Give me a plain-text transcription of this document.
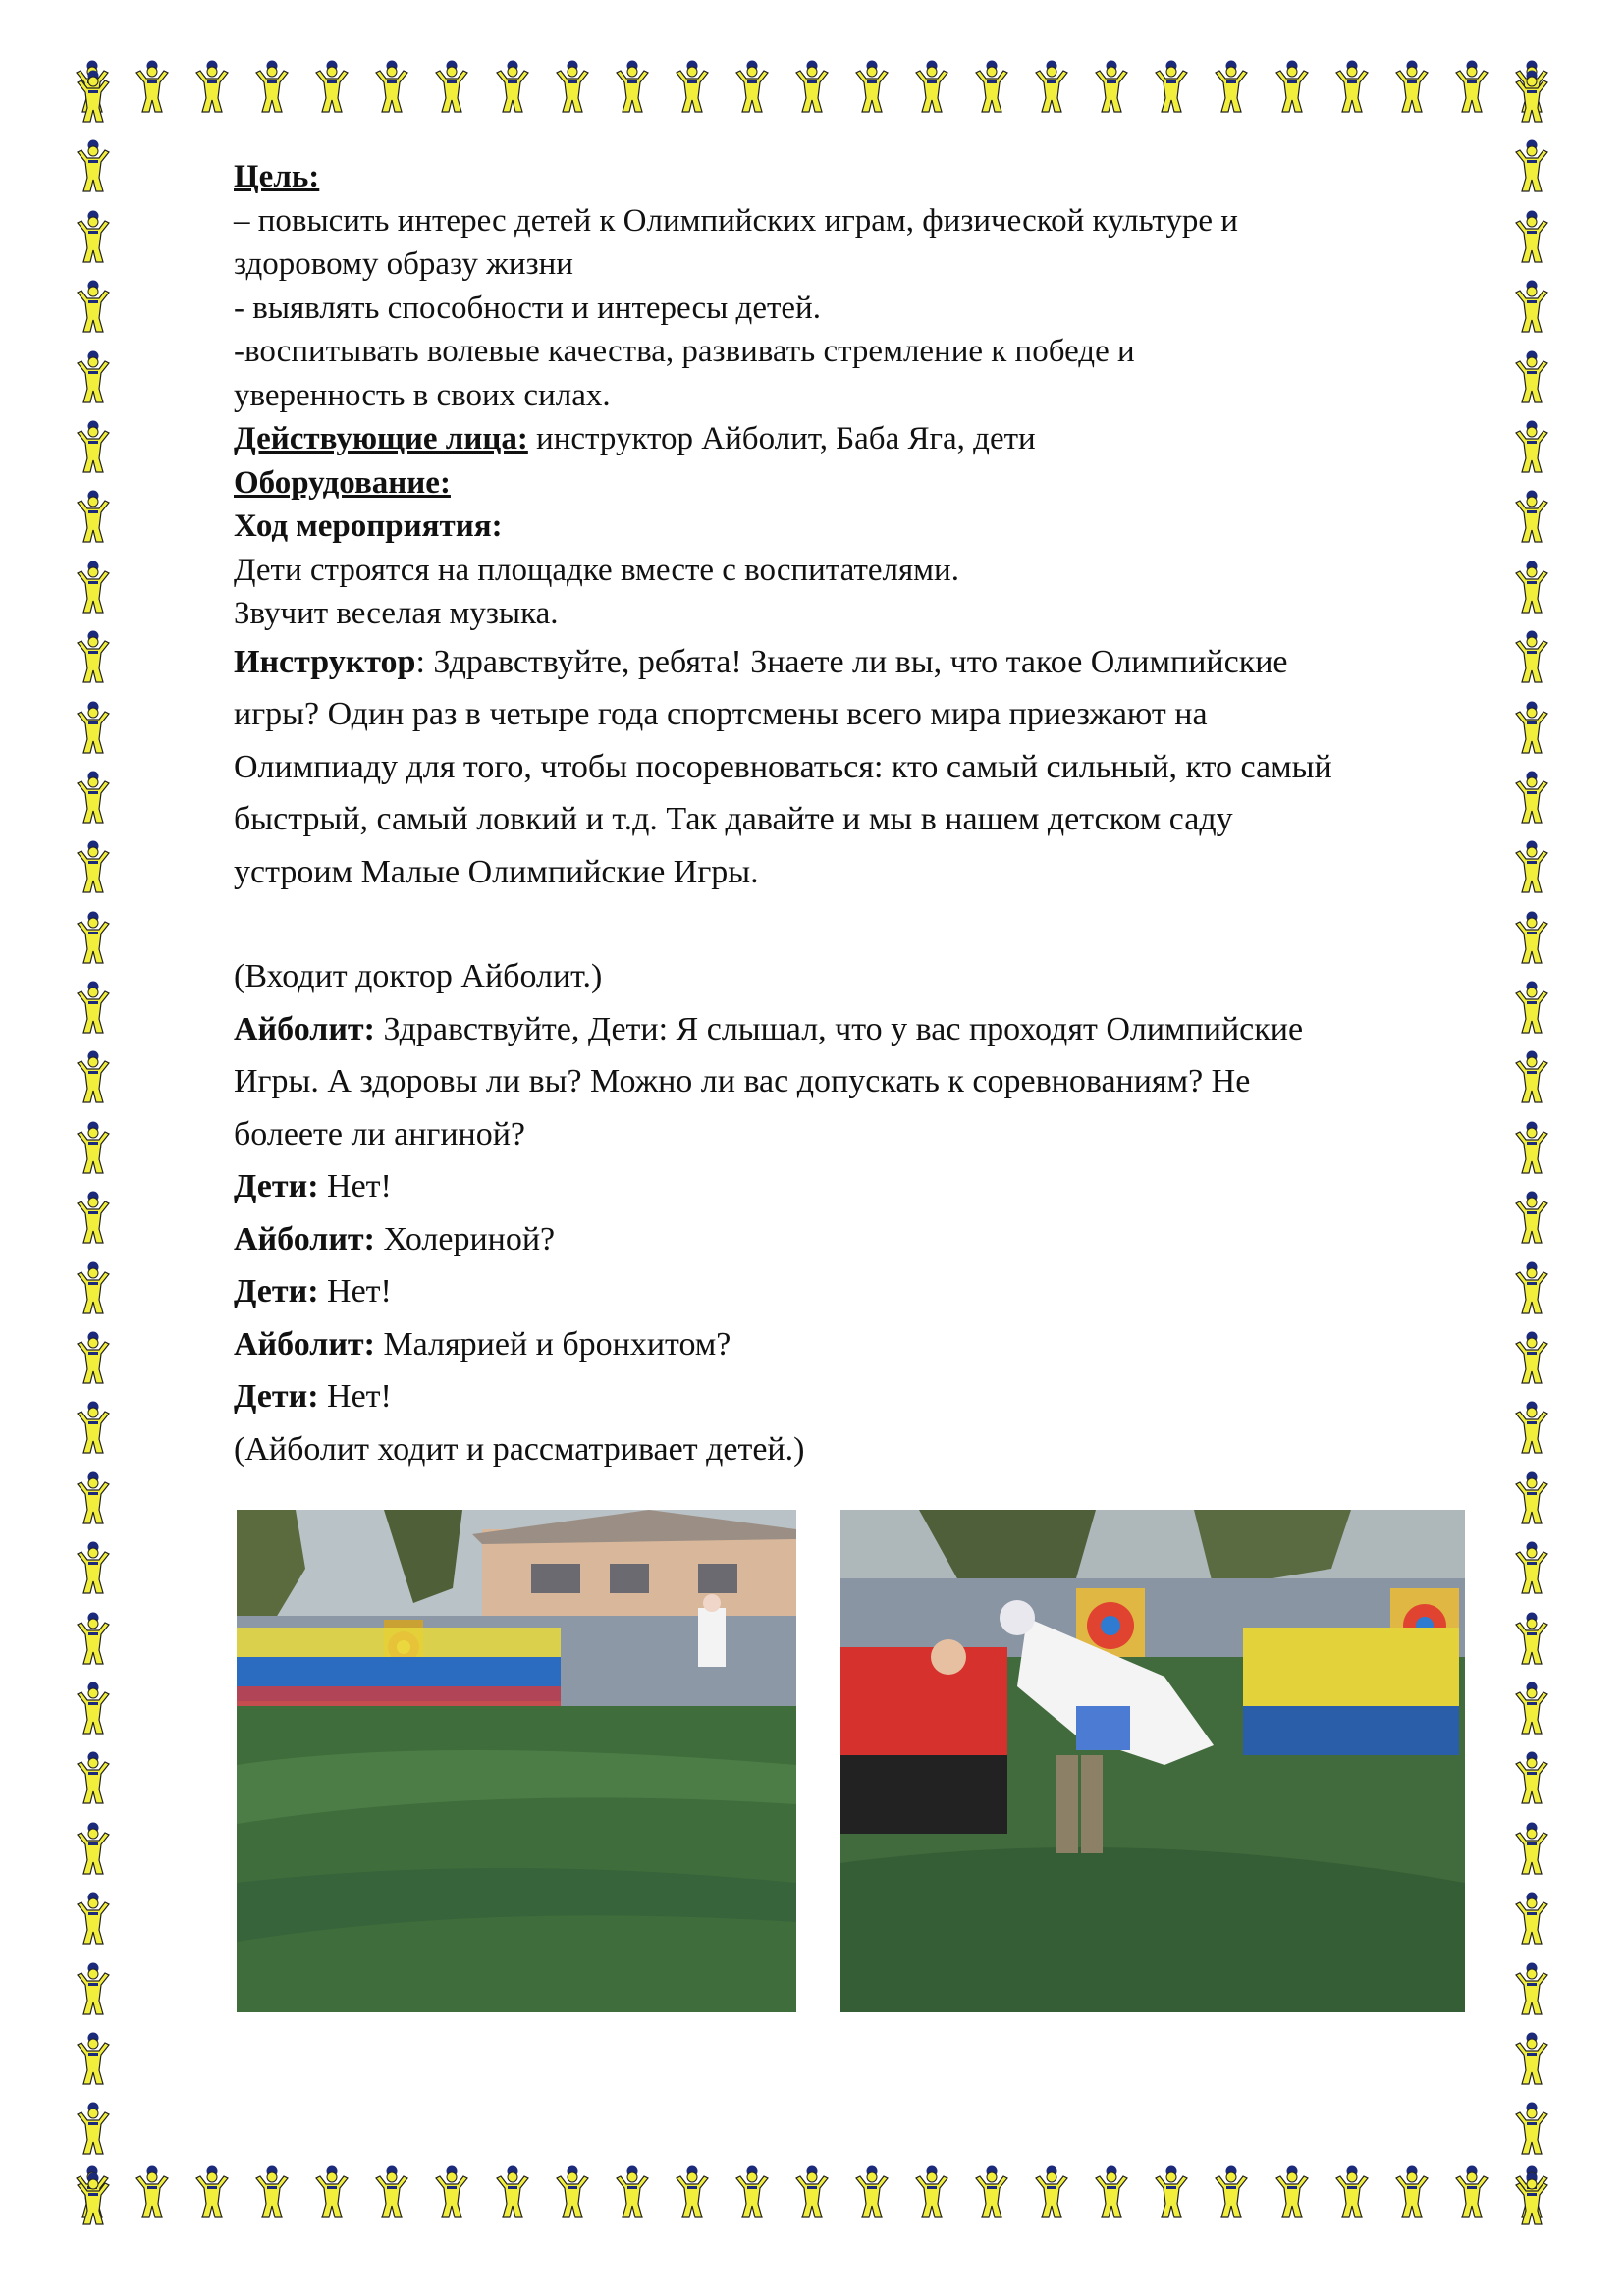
Цель:
– повысить интерес детей к Олимпийских играм, физической культуре и
здоровому образу жизни
- выявлять способности и интересы детей.
-воспитывать волевые качества, развивать стремление к победе и
уверенность в своих силах.
Действующие лица: инструктор Айболит, Баба Яга, дети
Оборудование:
Ход мероприятия:
Дети строятся на площадке вместе с воспитателями.
Звучит веселая музыка.

Инструктор: Здравствуйте, ребята! Знаете ли вы, что такое Олимпийские
игры? Один раз в четыре года спортсмены всего мира приезжают на
Олимпиаду для того, чтобы посоревноваться: кто самый сильный, кто самый
быстрый, самый ловкий и т.д. Так давайте и мы в нашем детском саду
устроим Малые Олимпийские Игры.

(Входит доктор Айболит.)
Айболит: Здравствуйте, Дети: Я слышал, что у вас проходят Олимпийские
Игры. А здоровы ли вы? Можно ли вас допускать к соревнованиям? Не
болеете ли ангиной?
Дети: Нет!
Айболит: Холериной?
Дети: Нет!
Айболит: Малярией и бронхитом?
Дети: Нет!
(Айболит ходит и рассматривает детей.)
